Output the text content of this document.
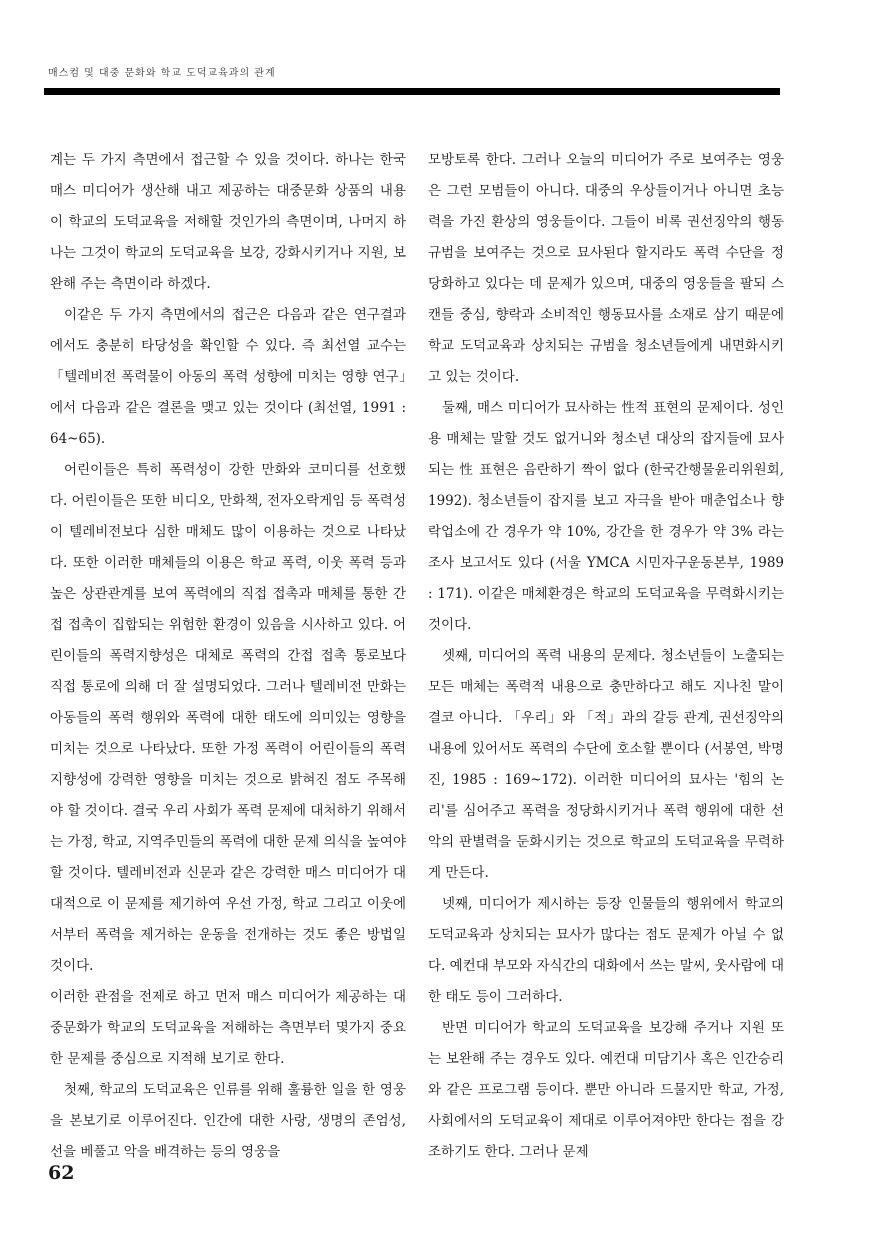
매스컴 및 대중 문화와 학교 도덕교육과의 관계

계는 두 가지 측면에서 접근할 수 있을 것이다. 하나는 한국 매스 미디어가 생산해 내고 제공하는 대중문화 상품의 내용이 학교의 도덕교육을 저해할 것인가의 측면이며, 나머지 하나는 그것이 학교의 도덕교육을 보강, 강화시키거나 지원, 보완해 주는 측면이라 하겠다.

이같은 두 가지 측면에서의 접근은 다음과 같은 연구결과에서도 충분히 타당성을 확인할 수 있다. 즉 최선열 교수는「텔레비전 폭력물이 아동의 폭력 성향에 미치는 영향 연구」에서 다음과 같은 결론을 맺고 있는 것이다 (최선열, 1991 : 64~65).

어린이들은 특히 폭력성이 강한 만화와 코미디를 선호했다. 어린이들은 또한 비디오, 만화책, 전자오락게임 등 폭력성이 텔레비전보다 심한 매체도 많이 이용하는 것으로 나타났다. 또한 이러한 매체들의 이용은 학교 폭력, 이웃 폭력 등과 높은 상관관계를 보여 폭력에의 직접 접촉과 매체를 통한 간접 접촉이 집합되는 위험한 환경이 있음을 시사하고 있다. 어린이들의 폭력지향성은 대체로 폭력의 간접 접촉 통로보다 직접 통로에 의해 더 잘 설명되었다. 그러나 텔레비전 만화는 아동들의 폭력 행위와 폭력에 대한 태도에 의미있는 영향을 미치는 것으로 나타났다. 또한 가정 폭력이 어린이들의 폭력 지향성에 강력한 영향을 미치는 것으로 밝혀진 점도 주목해야 할 것이다. 결국 우리 사회가 폭력 문제에 대처하기 위해서는 가정, 학교, 지역주민들의 폭력에 대한 문제 의식을 높여야 할 것이다. 텔레비전과 신문과 같은 강력한 매스 미디어가 대대적으로 이 문제를 제기하여 우선 가정, 학교 그리고 이웃에서부터 폭력을 제거하는 운동을 전개하는 것도 좋은 방법일 것이다.

이러한 관점을 전제로 하고 먼저 매스 미디어가 제공하는 대중문화가 학교의 도덕교육을 저해하는 측면부터 몇가지 중요한 문제를 중심으로 지적해 보기로 한다.

첫째, 학교의 도덕교육은 인류를 위해 훌륭한 일을 한 영웅을 본보기로 이루어진다. 인간에 대한 사랑, 생명의 존엄성, 선을 베풀고 악을 배격하는 등의 영웅을

모방토록 한다. 그러나 오늘의 미디어가 주로 보여주는 영웅은 그런 모범들이 아니다. 대중의 우상들이거나 아니면 초능력을 가진 환상의 영웅들이다. 그들이 비록 권선징악의 행동규범을 보여주는 것으로 묘사된다 할지라도 폭력 수단을 정당화하고 있다는 데 문제가 있으며, 대중의 영웅들을 팔되 스캔들 중심, 향락과 소비적인 행동묘사를 소재로 삼기 때문에 학교 도덕교육과 상치되는 규범을 청소년들에게 내면화시키고 있는 것이다.

둘째, 매스 미디어가 묘사하는 性적 표현의 문제이다. 성인용 매체는 말할 것도 없거니와 청소년 대상의 잡지들에 묘사되는 性 표현은 음란하기 짝이 없다 (한국간행물윤리위원회, 1992). 청소년들이 잡지를 보고 자극을 받아 매춘업소나 향락업소에 간 경우가 약 10%, 강간을 한 경우가 약 3% 라는 조사 보고서도 있다 (서울 YMCA 시민자구운동본부, 1989 : 171). 이같은 매체환경은 학교의 도덕교육을 무력화시키는 것이다.

셋째, 미디어의 폭력 내용의 문제다. 청소년들이 노출되는 모든 매체는 폭력적 내용으로 충만하다고 해도 지나친 말이 결코 아니다. 「우리」와 「적」과의 갈등 관계, 권선징악의 내용에 있어서도 폭력의 수단에 호소할 뿐이다 (서봉연, 박명진, 1985 : 169~172). 이러한 미디어의 묘사는 '힘의 논리'를 심어주고 폭력을 정당화시키거나 폭력 행위에 대한 선악의 판별력을 둔화시키는 것으로 학교의 도덕교육을 무력하게 만든다.

넷째, 미디어가 제시하는 등장 인물들의 행위에서 학교의 도덕교육과 상치되는 묘사가 많다는 점도 문제가 아닐 수 없다. 예컨대 부모와 자식간의 대화에서 쓰는 말씨, 웃사람에 대한 태도 등이 그러하다.

반면 미디어가 학교의 도덕교육을 보강해 주거나 지원 또는 보완해 주는 경우도 있다. 예컨대 미담기사 혹은 인간승리와 같은 프로그램 등이다. 뿐만 아니라 드물지만 학교, 가정, 사회에서의 도덕교육이 제대로 이루어져야만 한다는 점을 강조하기도 한다. 그러나 문제

62
